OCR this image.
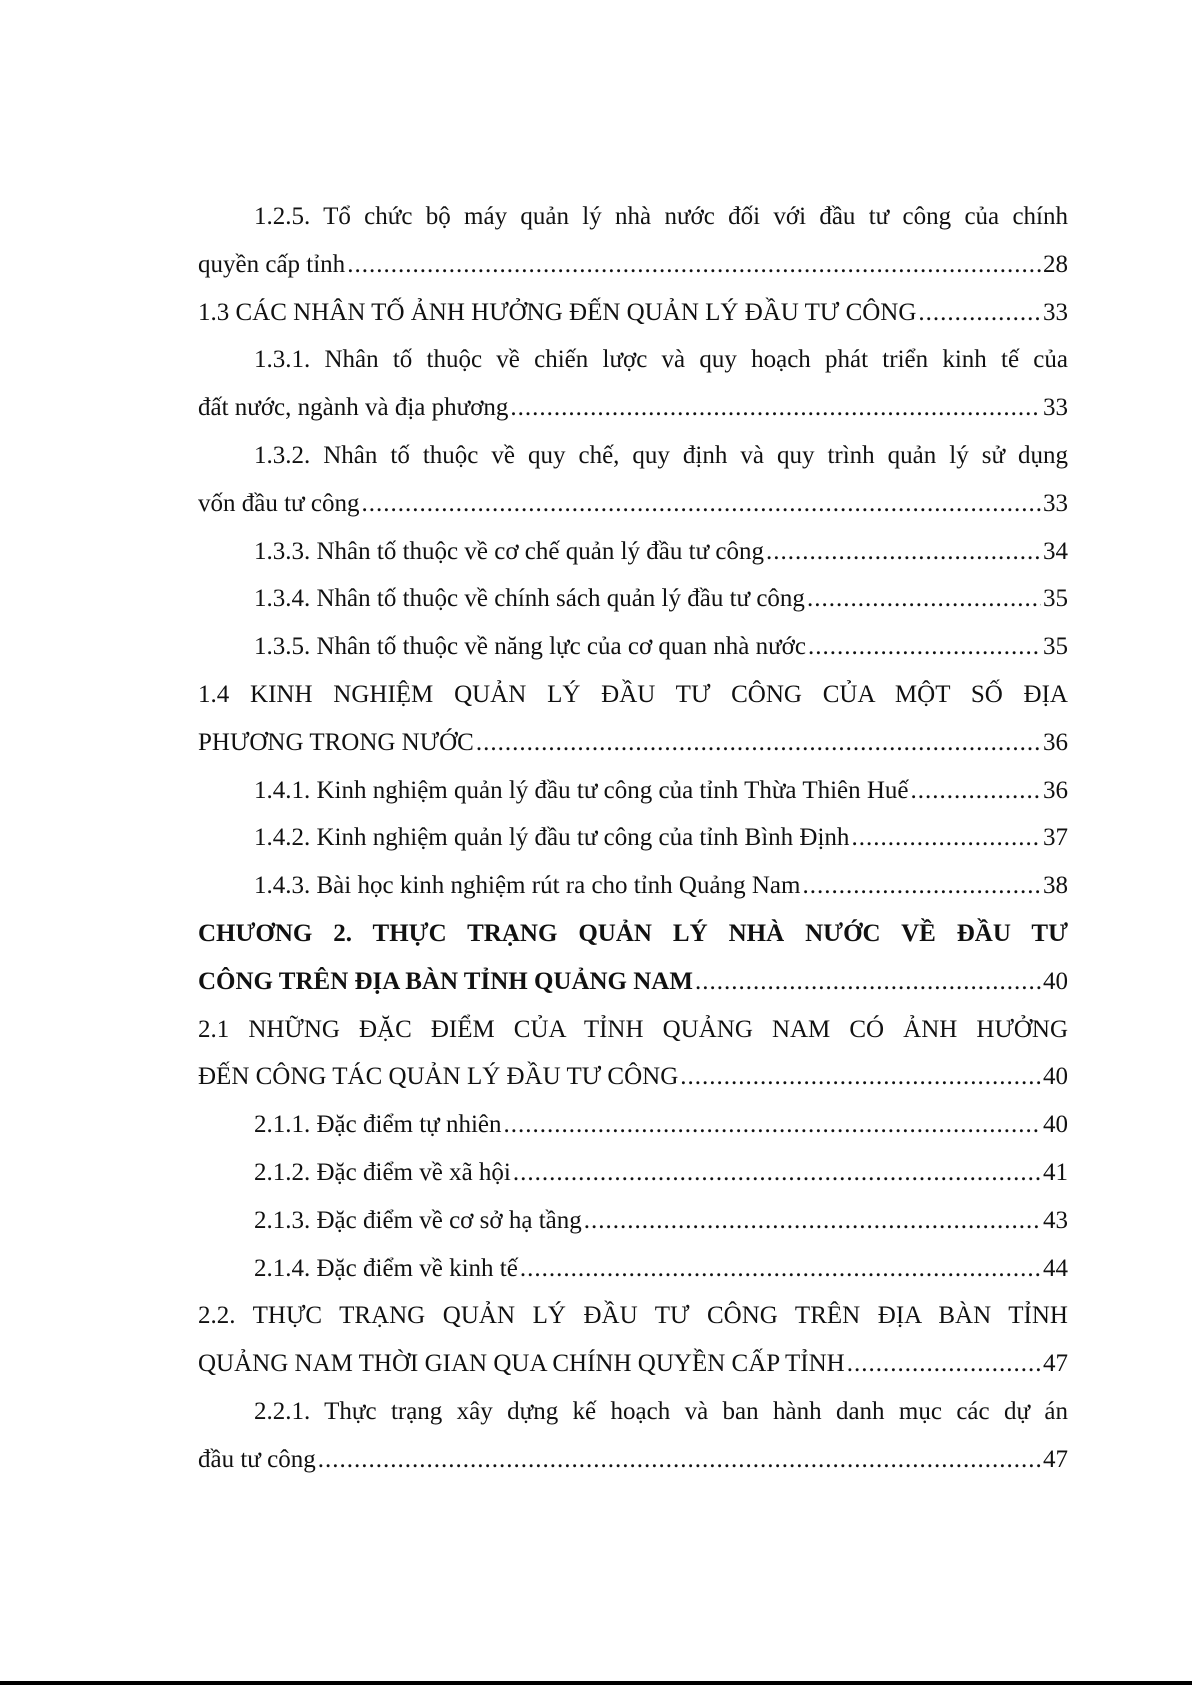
1.2.5. Tổ chức bộ máy quản lý nhà nước đối với đầu tư công của chính
quyền cấp tỉnh .....	28
1.3 CÁC NHÂN TỐ ẢNH HƯỞNG ĐẾN QUẢN LÝ ĐẦU TƯ CÔNG .....	33
1.3.1. Nhân tố thuộc về chiến lược và quy hoạch phát triển kinh tế của
đất nước, ngành và địa phương .....	33
1.3.2. Nhân tố thuộc về quy chế, quy định và quy trình quản lý sử dụng
vốn đầu tư công .....	33
1.3.3. Nhân tố thuộc về cơ chế quản lý đầu tư công .....	34
1.3.4. Nhân tố thuộc về chính sách quản lý đầu tư công .....	35
1.3.5. Nhân tố thuộc về năng lực của cơ quan nhà nước .....	35
1.4 KINH NGHIỆM QUẢN LÝ ĐẦU TƯ CÔNG CỦA MỘT SỐ ĐỊA
PHƯƠNG TRONG NƯỚC .....	36
1.4.1. Kinh nghiệm quản lý đầu tư công của tỉnh Thừa Thiên Huế .....	36
1.4.2. Kinh nghiệm quản lý đầu tư công của tỉnh Bình Định .....	37
1.4.3. Bài học kinh nghiệm rút ra cho tỉnh Quảng Nam .....	38
CHƯƠNG 2. THỰC TRẠNG QUẢN LÝ NHÀ NƯỚC VỀ ĐẦU TƯ
CÔNG TRÊN ĐỊA BÀN TỈNH QUẢNG NAM .....	40
2.1 NHỮNG ĐẶC ĐIỂM CỦA TỈNH QUẢNG NAM CÓ ẢNH HƯỞNG
ĐẾN CÔNG TÁC QUẢN LÝ ĐẦU TƯ CÔNG .....	40
2.1.1. Đặc điểm tự nhiên .....	40
2.1.2. Đặc điểm về xã hội .....	41
2.1.3. Đặc điểm về cơ sở hạ tầng .....	43
2.1.4. Đặc điểm về kinh tế .....	44
2.2. THỰC TRẠNG QUẢN LÝ ĐẦU TƯ CÔNG TRÊN ĐỊA BÀN TỈNH
QUẢNG NAM THỜI GIAN QUA CHÍNH QUYỀN CẤP TỈNH .....	47
2.2.1. Thực trạng xây dựng kế hoạch và ban hành danh mục các dự án
đầu tư công .....	47
